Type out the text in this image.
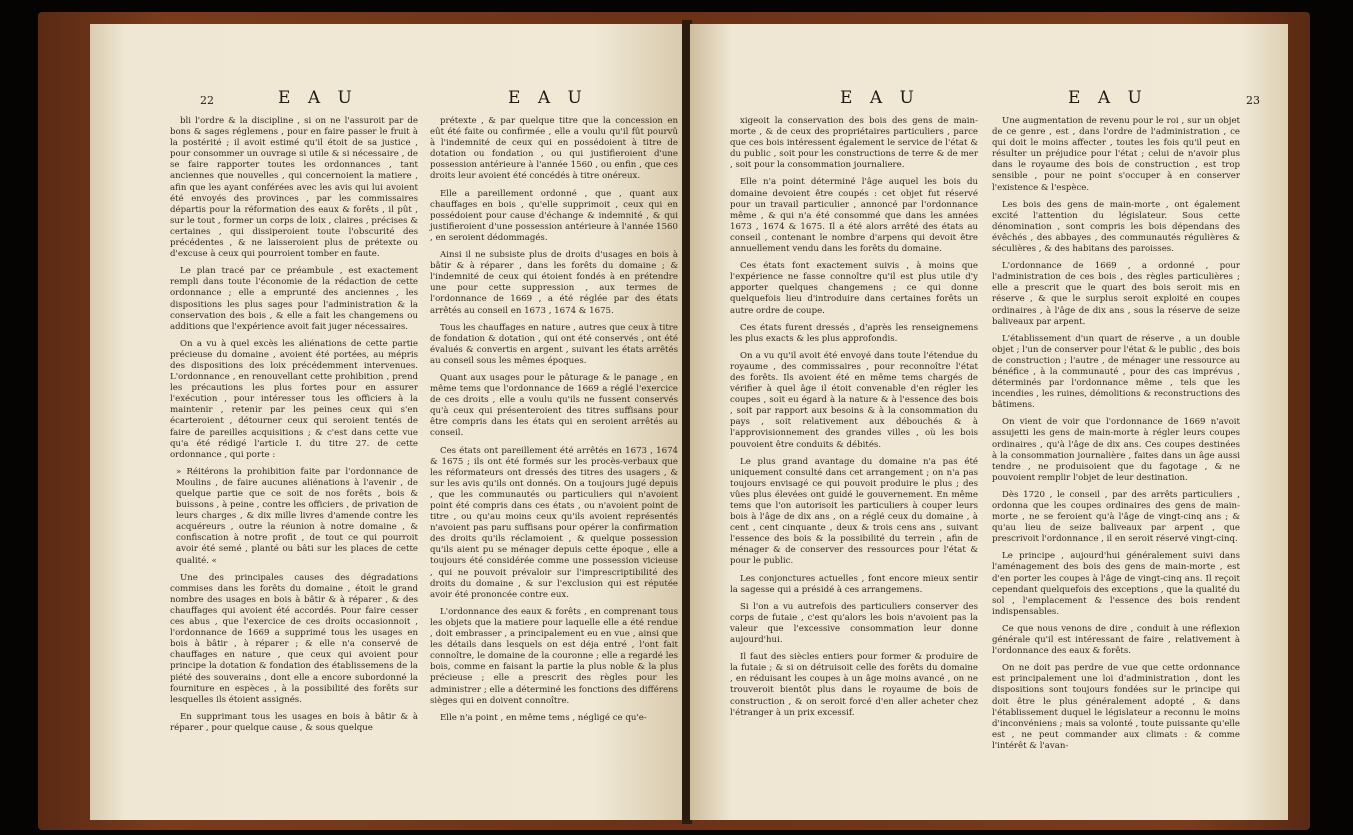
22	E A U	E A U

bli l'ordre & la discipline , si on ne l'assuroit par de bons & sages réglemens , pour en faire passer le fruit à la postérité ; il avoit estimé qu'il étoit de sa justice , pour consommer un ouvrage si utile & si nécessaire , de se faire rapporter toutes les ordonnances , tant anciennes que nouvelles , qui concernoient la matiere , afin que les ayant conférées avec les avis qui lui avoient été envoyés des provinces , par les commissaires départis pour la réformation des eaux & forêts , il pût , sur le tout , former un corps de loix , claires , précises & certaines , qui dissiperoient toute l'obscurité des précédentes , & ne laisseroient plus de prétexte ou d'excuse à ceux qui pourroient tomber en faute.

Le plan tracé par ce préambule , est exactement rempli dans toute l'économie de la rédaction de cette ordonnance ; elle a emprunté des anciennes , les dispositions les plus sages pour l'administration & la conservation des bois , & elle a fait les changemens ou additions que l'expérience avoit fait juger nécessaires.

On a vu à quel excès les aliénations de cette partie précieuse du domaine , avoient été portées, au mépris des dispositions des loix précédemment intervenues. L'ordonnance , en renouvellant cette prohibition , prend les précautions les plus fortes pour en assurer l'exécution , pour intéresser tous les officiers à la maintenir , retenir par les peines ceux qui s'en écarteroient , détourner ceux qui seroient tentés de faire de pareilles acquisitions ; & c'est dans cette vue qu'a été rédigé l'article I. du titre 27. de cette ordonnance , qui porte :

» Réitérons la prohibition faite par l'ordonnance de Moulins , de faire aucunes aliénations à l'avenir , de quelque partie que ce soit de nos forêts , bois & buissons , à peine , contre les officiers , de privation de leurs charges , & dix mille livres d'amende contre les acquéreurs , outre la réunion à notre domaine , & confiscation à notre profit , de tout ce qui pourroit avoir été semé , planté ou bâti sur les places de cette qualité. «

Une des principales causes des dégradations commises dans les forêts du domaine , étoit le grand nombre des usages en bois à bâtir & à réparer , & des chauffages qui avoient été accordés. Pour faire cesser ces abus , que l'exercice de ces droits occasionnoit , l'ordonnance de 1669 a supprimé tous les usages en bois à bâtir , à réparer ; & elle n'a conservé de chauffages en nature , que ceux qui avoient pour principe la dotation & fondation des établissemens de la piété des souverains , dont elle a encore subordonné la fourniture en espèces , à la possibilité des forêts sur lesquelles ils étoient assignés.

En supprimant tous les usages en bois à bâtir & à réparer , pour quelque cause , & sous quelque

prétexte , & par quelque titre que la concession en eût été faite ou confirmée , elle a voulu qu'il fût pourvû à l'indemnité de ceux qui en possédoient à titre de dotation ou fondation , ou qui justifieroient d'une possession antérieure à l'année 1560 , ou enfin , que ces droits leur avoient été concédés à titre onéreux.

Elle a pareillement ordonné , que , quant aux chauffages en bois , qu'elle supprimoit , ceux qui en possédoient pour cause d'échange & indemnité , & qui justifieroient d'une possession antérieure à l'année 1560 , en seroient dédommagés.

Ainsi il ne subsiste plus de droits d'usages en bois à bâtir & à réparer , dans les forêts du domaine ; & l'indemnité de ceux qui étoient fondés à en prétendre une pour cette suppression , aux termes de l'ordonnance de 1669 , a été réglée par des états arrêtés au conseil en 1673 , 1674 & 1675.

Tous les chauffages en nature , autres que ceux à titre de fondation & dotation , qui ont été conservés , ont été évalués & convertis en argent , suivant les états arrêtés au conseil sous les mêmes époques.

Quant aux usages pour le pâturage & le panage , en même tems que l'ordonnance de 1669 a réglé l'exercice de ces droits , elle a voulu qu'ils ne fussent conservés qu'à ceux qui présenteroient des titres suffisans pour être compris dans les états qui en seroient arrêtés au conseil.

Ces états ont pareillement été arrêtés en 1673 , 1674 & 1675 ; ils ont été formés sur les procès-verbaux que les réformateurs ont dressés des titres des usagers , & sur les avis qu'ils ont donnés. On a toujours jugé depuis , que les communautés ou particuliers qui n'avoient point été compris dans ces états , ou n'avoient point de titre , ou qu'au moins ceux qu'ils avoient représentés n'avoient pas paru suffisans pour opérer la confirmation des droits qu'ils réclamoient , & quelque possession qu'ils aient pu se ménager depuis cette époque , elle a toujours été considérée comme une possession vicieuse , qui ne pouvoit prévaloir sur l'imprescriptibilité des droits du domaine , & sur l'exclusion qui est réputée avoir été prononcée contre eux.

L'ordonnance des eaux & forêts , en comprenant tous les objets que la matiere pour laquelle elle a été rendue , doit embrasser , a principalement eu en vue , ainsi que les détails dans lesquels on est déja entré , l'ont fait connoître, le domaine de la couronne ; elle a regardé les bois, comme en faisant la partie la plus noble & la plus précieuse ; elle a prescrit des règles pour les administrer ; elle a déterminé les fonctions des différens sièges qui en doivent connoître.

Elle n'a point , en même tems , négligé ce qu'e-

E A U	E A U	23

xigeoit la conservation des bois des gens de main-morte , & de ceux des propriétaires particuliers , parce que ces bois intéressent également le service de l'état & du public , soit pour les constructions de terre & de mer , soit pour la consommation journaliere.

Elle n'a point déterminé l'âge auquel les bois du domaine devoient être coupés : cet objet fut réservé pour un travail particulier , annoncé par l'ordonnance même , & qui n'a été consommé que dans les années 1673 , 1674 & 1675. Il a été alors arrêté des états au conseil , contenant le nombre d'arpens qui devoit être annuellement vendu dans les forêts du domaine.

Ces états font exactement suivis , à moins que l'expérience ne fasse connoître qu'il est plus utile d'y apporter quelques changemens ; ce qui donne quelquefois lieu d'introduire dans certaines forêts un autre ordre de coupe.

Ces états furent dressés , d'après les renseignemens les plus exacts & les plus approfondis.

On a vu qu'il avoit été envoyé dans toute l'étendue du royaume , des commissaires , pour reconnoître l'état des forêts. Ils avoient été en même tems chargés de vérifier à quel âge il étoit convenable d'en régler les coupes , soit eu égard à la nature & à l'essence des bois , soit par rapport aux besoins & à la consommation du pays , soit relativement aux débouchés & à l'approvisionnement des grandes villes , où les bois pouvoient être conduits & débités.

Le plus grand avantage du domaine n'a pas été uniquement consulté dans cet arrangement ; on n'a pas toujours envisagé ce qui pouvoit produire le plus ; des vûes plus élevées ont guidé le gouvernement. En même tems que l'on autorisoit les particuliers à couper leurs bois à l'âge de dix ans , on a réglé ceux du domaine , à cent , cent cinquante , deux & trois cens ans , suivant l'essence des bois & la possibilité du terrein , afin de ménager & de conserver des ressources pour l'état & pour le public.

Les conjonctures actuelles , font encore mieux sentir la sagesse qui a présidé à ces arrangemens.

Si l'on a vu autrefois des particuliers conserver des corps de futaie , c'est qu'alors les bois n'avoient pas la valeur que l'excessive consommation leur donne aujourd'hui.

Il faut des siècles entiers pour former & produire de la futaie ; & si on détruisoit celle des forêts du domaine , en réduisant les coupes à un âge moins avancé , on ne trouveroit bientôt plus dans le royaume de bois de construction , & on seroit forcé d'en aller acheter chez l'étranger à un prix excessif.

Une augmentation de revenu pour le roi , sur un objet de ce genre , est , dans l'ordre de l'administration , ce qui doit le moins affecter , toutes les fois qu'il peut en résulter un préjudice pour l'état ; celui de n'avoir plus dans le royaume des bois de construction , est trop sensible , pour ne point s'occuper à en conserver l'existence & l'espèce.

Les bois des gens de main-morte , ont également excité l'attention du législateur. Sous cette dénomination , sont compris les bois dépendans des évêchés , des abbayes , des communautés régulières & séculières , & des habitans des paroisses.

L'ordonnance de 1669 , a ordonné , pour l'administration de ces bois , des règles particulières ; elle a prescrit que le quart des bois seroit mis en réserve , & que le surplus seroit exploité en coupes ordinaires , à l'âge de dix ans , sous la réserve de seize baliveaux par arpent.

L'établissement d'un quart de réserve , a un double objet ; l'un de conserver pour l'état & le public , des bois de construction ; l'autre , de ménager une ressource au bénéfice , à la communauté , pour des cas imprévus , déterminés par l'ordonnance même , tels que les incendies , les ruines, démolitions & reconstructions des bâtimens.

On vient de voir que l'ordonnance de 1669 n'avoit assujetti les gens de main-morte à régler leurs coupes ordinaires , qu'à l'âge de dix ans. Ces coupes destinées à la consommation journalière , faites dans un âge aussi tendre , ne produisoient que du fagotage , & ne pouvoient remplir l'objet de leur destination.

Dès 1720 , le conseil , par des arrêts particuliers , ordonna que les coupes ordinaires des gens de main-morte , ne se feroient qu'à l'âge de vingt-cinq ans ; & qu'au lieu de seize baliveaux par arpent , que prescrivoit l'ordonnance , il en seroit réservé vingt-cinq.

Le principe , aujourd'hui généralement suivi dans l'aménagement des bois des gens de main-morte , est d'en porter les coupes à l'âge de vingt-cinq ans. Il reçoit cependant quelquefois des exceptions , que la qualité du sol , l'emplacement & l'essence des bois rendent indispensables.

Ce que nous venons de dire , conduit à une réflexion générale qu'il est intéressant de faire , relativement à l'ordonnance des eaux & forêts.

On ne doit pas perdre de vue que cette ordonnance est principalement une loi d'administration , dont les dispositions sont toujours fondées sur le principe qui doit être le plus généralement adopté , & dans l'établissement duquel le législateur a reconnu le moins d'inconvéniens ; mais sa volonté , toute puissante qu'elle est , ne peut commander aux climats : & comme l'intérêt & l'avan-
